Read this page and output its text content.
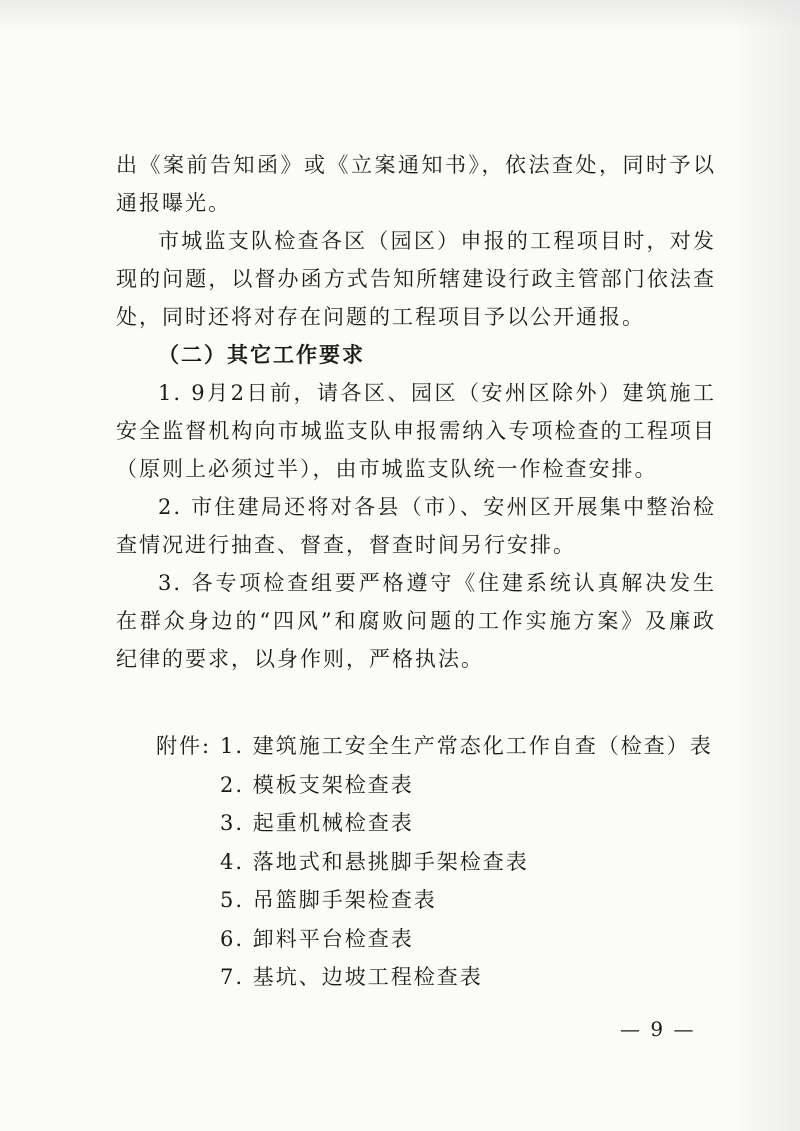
出《案前告知函》或《立案通知书》，依法查处，同时予以通报曝光。

市城监支队检查各区（园区）申报的工程项目时，对发现的问题，以督办函方式告知所辖建设行政主管部门依法查处，同时还将对存在问题的工程项目予以公开通报。

（二）其它工作要求

1. 9月2日前，请各区、园区（安州区除外）建筑施工安全监督机构向市城监支队申报需纳入专项检查的工程项目（原则上必须过半），由市城监支队统一作检查安排。

2. 市住建局还将对各县（市）、安州区开展集中整治检查情况进行抽查、督查，督查时间另行安排。

3. 各专项检查组要严格遵守《住建系统认真解决发生在群众身边的“四风”和腐败问题的工作实施方案》及廉政纪律的要求，以身作则，严格执法。

附件: 1. 建筑施工安全生产常态化工作自查（检查）表
2. 模板支架检查表
3. 起重机械检查表
4. 落地式和悬挑脚手架检查表
5. 吊篮脚手架检查表
6. 卸料平台检查表
7. 基坑、边坡工程检查表
— 9 —
